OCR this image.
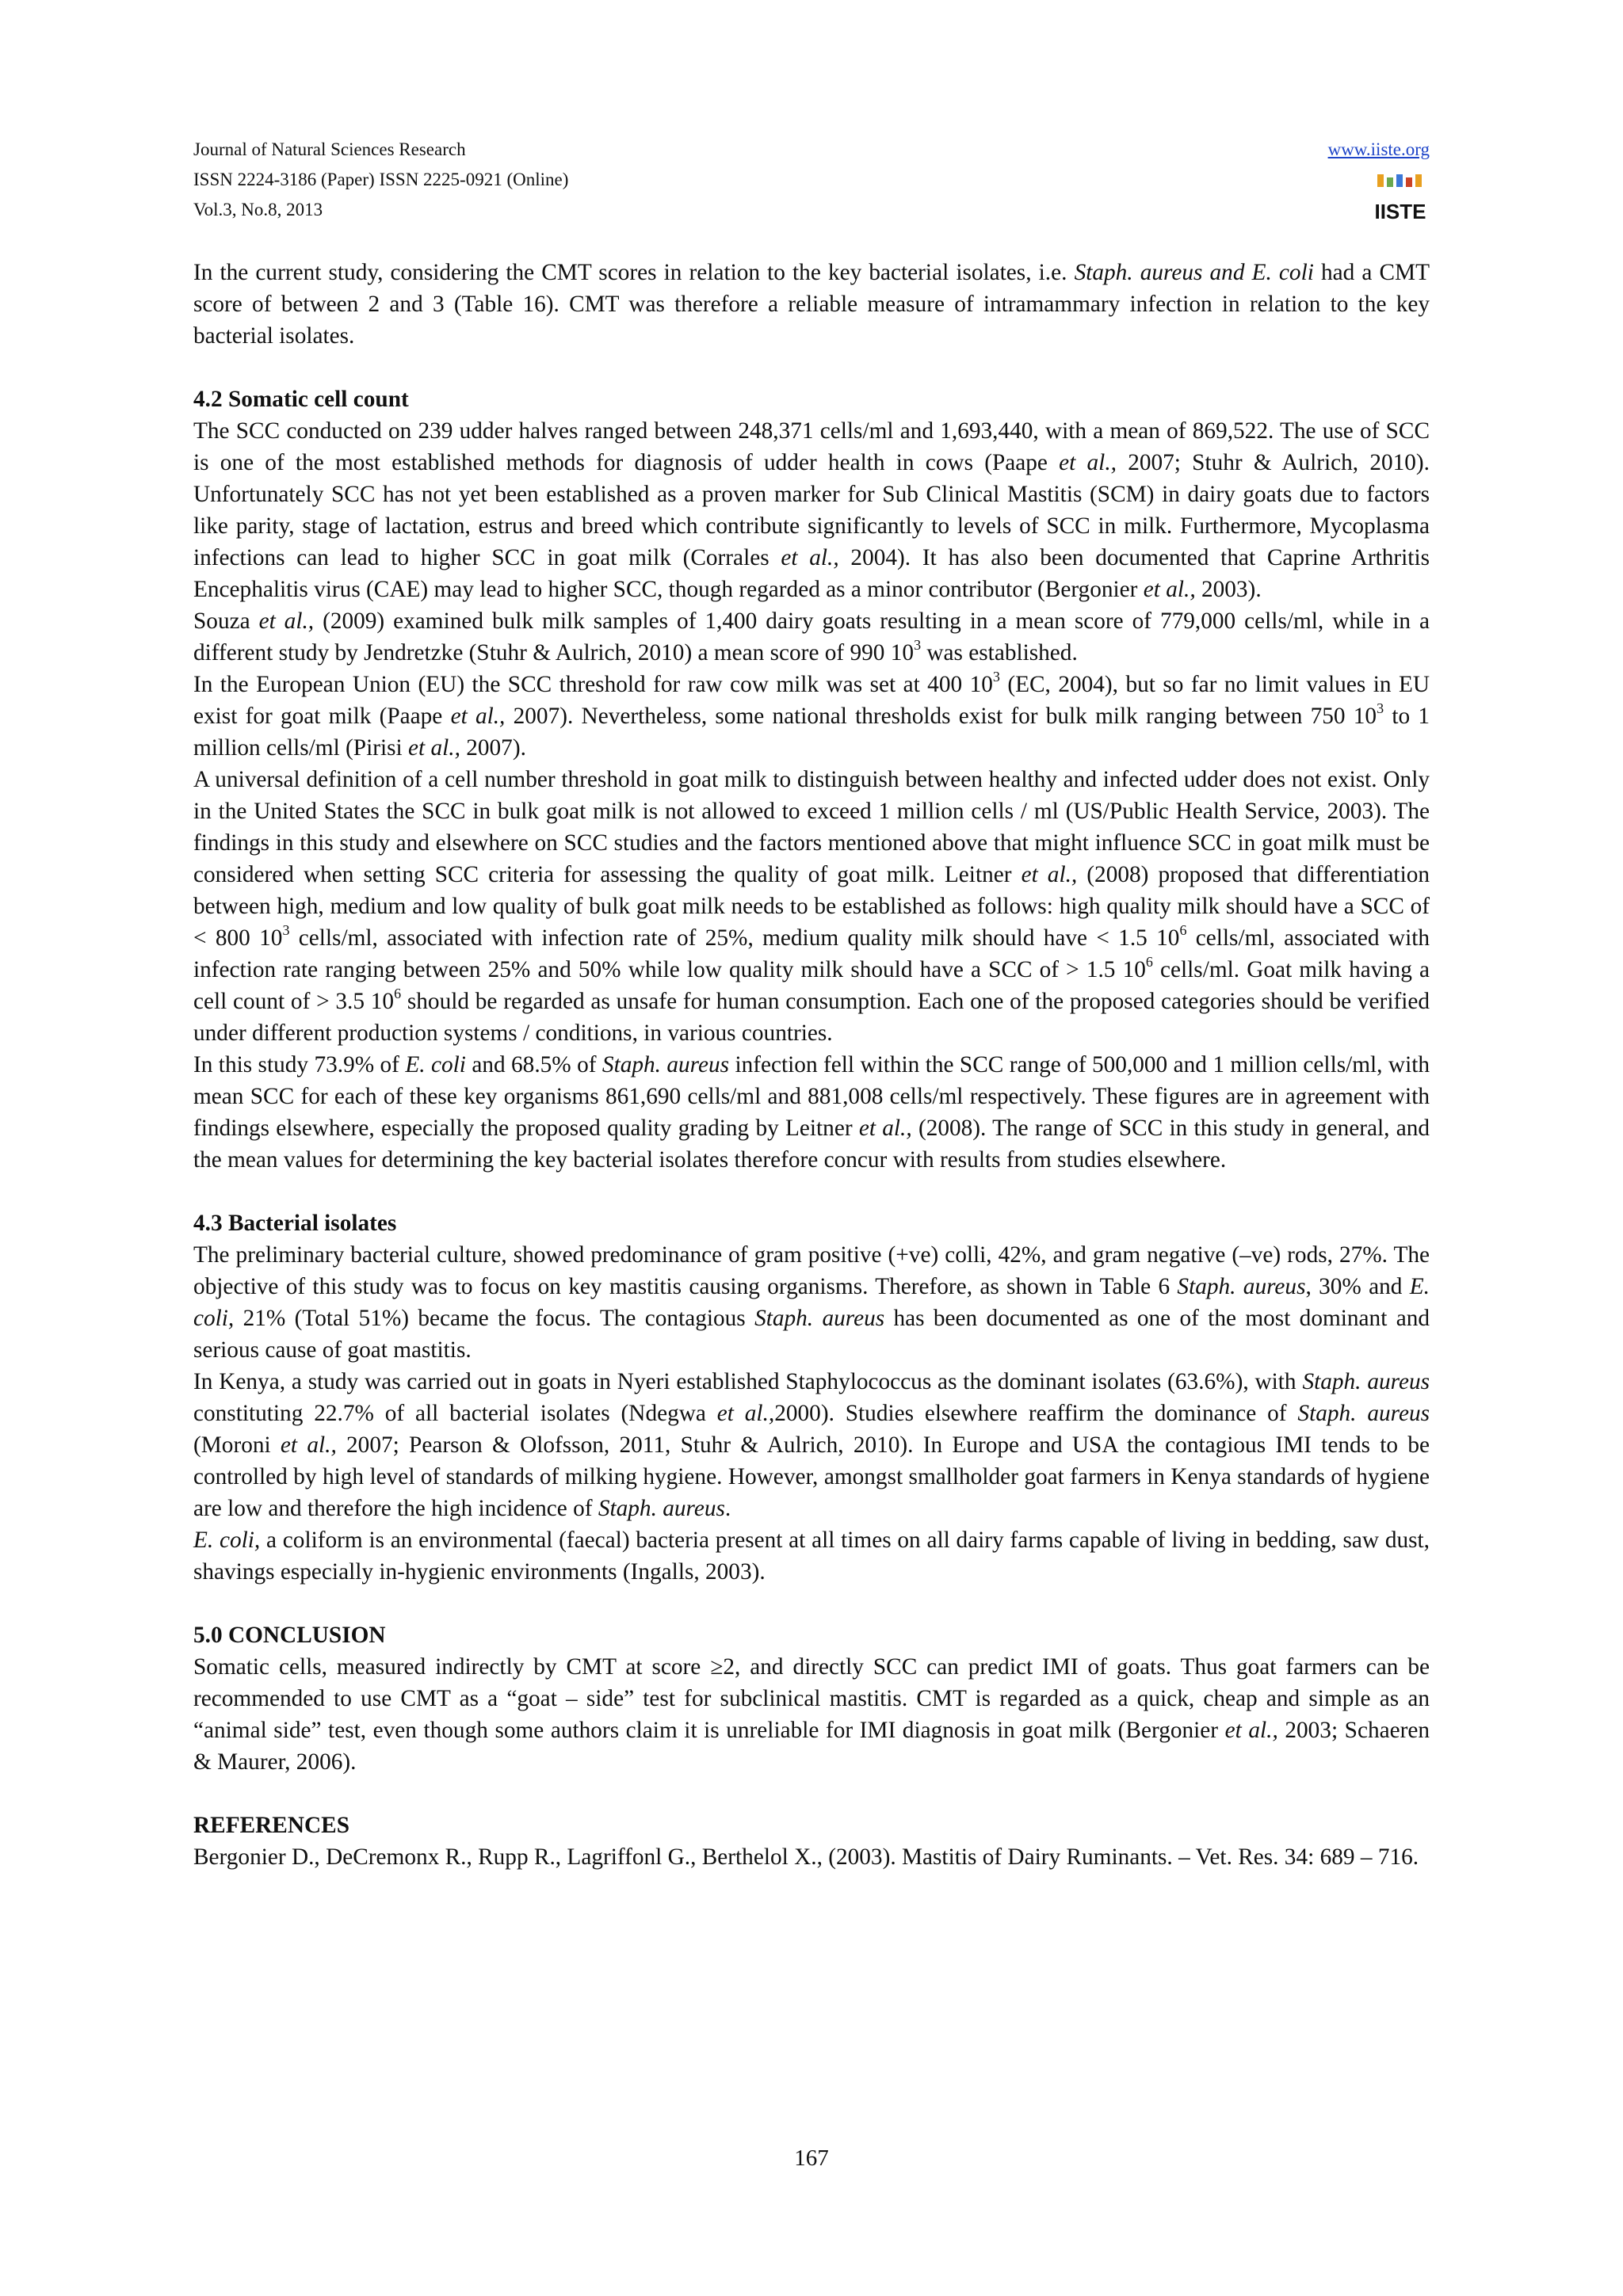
Journal of Natural Sciences Research
ISSN 2224-3186 (Paper) ISSN 2225-0921 (Online)
Vol.3, No.8, 2013
www.iiste.org
IISTE

In the current study, considering the CMT scores in relation to the key bacterial isolates, i.e. Staph. aureus and E. coli had a CMT score of between 2 and 3 (Table 16). CMT was therefore a reliable measure of intramammary infection in relation to the key bacterial isolates.

4.2 Somatic cell count

The SCC conducted on 239 udder halves ranged between 248,371 cells/ml and 1,693,440, with a mean of 869,522. The use of SCC is one of the most established methods for diagnosis of udder health in cows (Paape et al., 2007; Stuhr & Aulrich, 2010). Unfortunately SCC has not yet been established as a proven marker for Sub Clinical Mastitis (SCM) in dairy goats due to factors like parity, stage of lactation, estrus and breed which contribute significantly to levels of SCC in milk. Furthermore, Mycoplasma infections can lead to higher SCC in goat milk (Corrales et al., 2004). It has also been documented that Caprine Arthritis Encephalitis virus (CAE) may lead to higher SCC, though regarded as a minor contributor (Bergonier et al., 2003).

Souza et al., (2009) examined bulk milk samples of 1,400 dairy goats resulting in a mean score of 779,000 cells/ml, while in a different study by Jendretzke (Stuhr & Aulrich, 2010) a mean score of 990 $10^3$ was established.

In the European Union (EU) the SCC threshold for raw cow milk was set at 400 $10^3$ (EC, 2004), but so far no limit values in EU exist for goat milk (Paape et al., 2007). Nevertheless, some national thresholds exist for bulk milk ranging between 750 $10^3$ to 1 million cells/ml (Pirisi et al., 2007).

A universal definition of a cell number threshold in goat milk to distinguish between healthy and infected udder does not exist. Only in the United States the SCC in bulk goat milk is not allowed to exceed 1 million cells / ml (US/Public Health Service, 2003). The findings in this study and elsewhere on SCC studies and the factors mentioned above that might influence SCC in goat milk must be considered when setting SCC criteria for assessing the quality of goat milk. Leitner et al., (2008) proposed that differentiation between high, medium and low quality of bulk goat milk needs to be established as follows: high quality milk should have a SCC of < 800 $10^3$ cells/ml, associated with infection rate of 25%, medium quality milk should have < 1.5 $10^6$ cells/ml, associated with infection rate ranging between 25% and 50% while low quality milk should have a SCC of > 1.5 $10^6$ cells/ml. Goat milk having a cell count of > 3.5 $10^6$ should be regarded as unsafe for human consumption. Each one of the proposed categories should be verified under different production systems / conditions, in various countries.

In this study 73.9% of E. coli and 68.5% of Staph. aureus infection fell within the SCC range of 500,000 and 1 million cells/ml, with mean SCC for each of these key organisms 861,690 cells/ml and 881,008 cells/ml respectively. These figures are in agreement with findings elsewhere, especially the proposed quality grading by Leitner et al., (2008). The range of SCC in this study in general, and the mean values for determining the key bacterial isolates therefore concur with results from studies elsewhere.

4.3 Bacterial isolates

The preliminary bacterial culture, showed predominance of gram positive (+ve) colli, 42%, and gram negative (–ve) rods, 27%. The objective of this study was to focus on key mastitis causing organisms. Therefore, as shown in Table 6 Staph. aureus, 30% and E. coli, 21% (Total 51%) became the focus. The contagious Staph. aureus has been documented as one of the most dominant and serious cause of goat mastitis.

In Kenya, a study was carried out in goats in Nyeri established Staphylococcus as the dominant isolates (63.6%), with Staph. aureus constituting 22.7% of all bacterial isolates (Ndegwa et al.,2000). Studies elsewhere reaffirm the dominance of Staph. aureus (Moroni et al., 2007; Pearson & Olofsson, 2011, Stuhr & Aulrich, 2010). In Europe and USA the contagious IMI tends to be controlled by high level of standards of milking hygiene. However, amongst smallholder goat farmers in Kenya standards of hygiene are low and therefore the high incidence of Staph. aureus.

E. coli, a coliform is an environmental (faecal) bacteria present at all times on all dairy farms capable of living in bedding, saw dust, shavings especially in-hygienic environments (Ingalls, 2003).

5.0 CONCLUSION

Somatic cells, measured indirectly by CMT at score ≥2, and directly SCC can predict IMI of goats. Thus goat farmers can be recommended to use CMT as a “goat – side” test for subclinical mastitis. CMT is regarded as a quick, cheap and simple as an “animal side” test, even though some authors claim it is unreliable for IMI diagnosis in goat milk (Bergonier et al., 2003; Schaeren & Maurer, 2006).

REFERENCES

Bergonier D., DeCremonx R., Rupp R., Lagriffonl G., Berthelol X., (2003). Mastitis of Dairy Ruminants. – Vet. Res. 34: 689 – 716.

167
